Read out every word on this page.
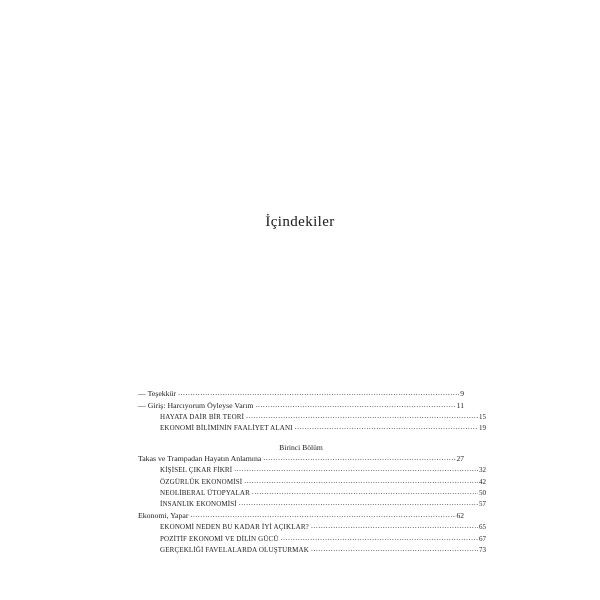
İçindekiler
— Teşekkür .....	9
— Giriş: Harcıyorum Öyleyse Varım .....	11
HAYATA DAİR BİR TEORİ .....	15
EKONOMİ BİLİMİNİN FAALİYET ALANI .....	19
Birinci Bölüm
Takas ve Trampadan Hayatın Anlamına .....	27
KİŞİSEL ÇIKAR FİKRİ .....	32
ÖZGÜRLÜK EKONOMİSİ .....	42
NEOLİBERAL ÜTOPYALAR .....	50
İNSANLIK EKONOMİSİ .....	57
Ekonomi, Yapar .....	62
EKONOMİ NEDEN BU KADAR İYİ AÇIKLAR? .....	65
POZİTİF EKONOMİ VE DİLİN GÜCÜ .....	67
GERÇEKLİĞİ FAVELALARDA OLUŞTURMAK .....	73
